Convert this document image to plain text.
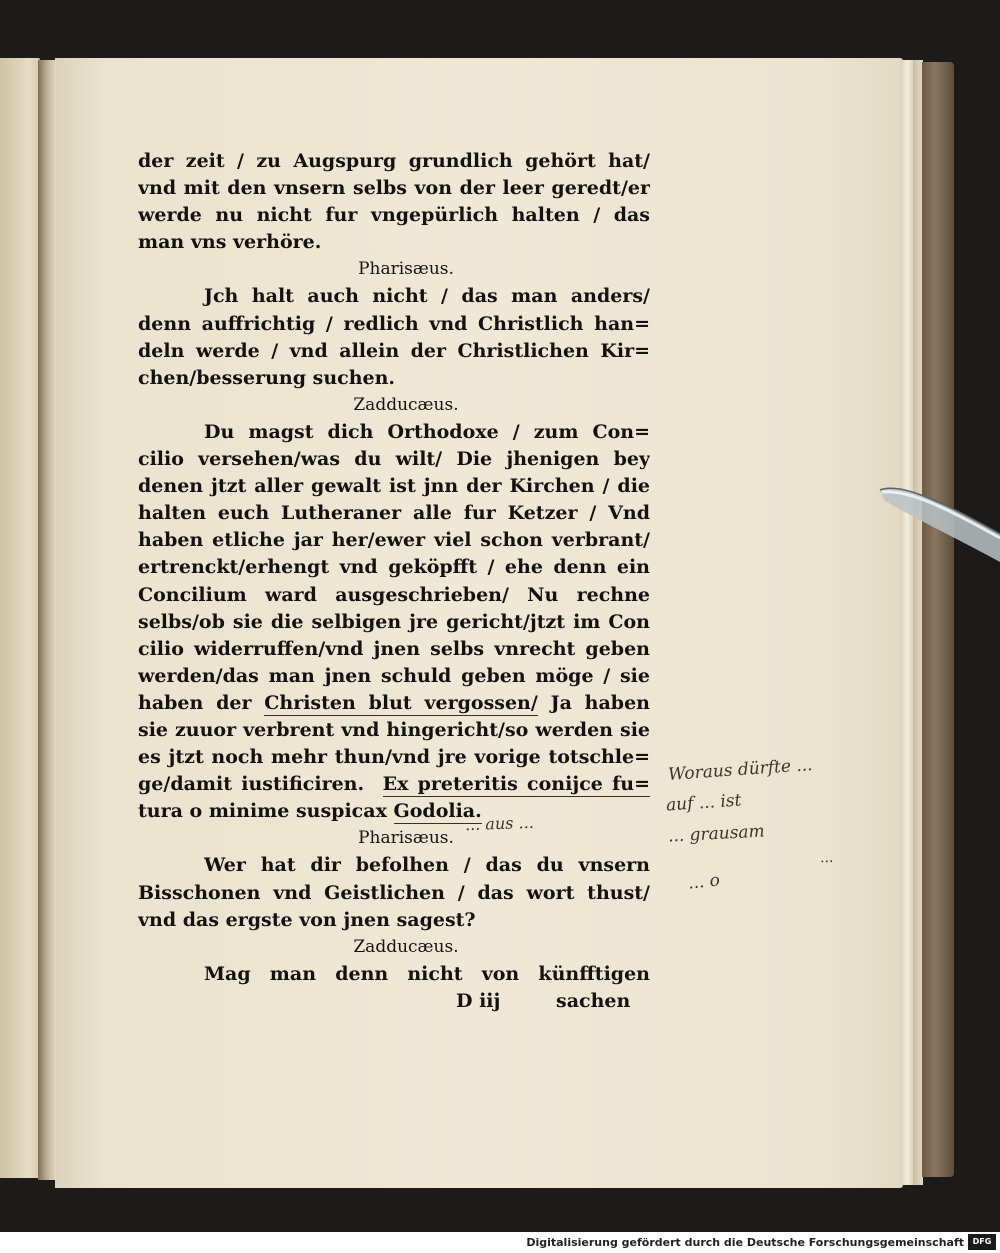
der zeit / zu Augspurg grundlich gehört hat/
vnd mit den vnsern selbs von der leer geredt/er
werde nu nicht fur vngepürlich halten / das
man vns verhöre.
Pharisæus.
Jch halt auch nicht / das man anders/
denn auffrichtig / redlich vnd Christlich han=
deln werde / vnd allein der Christlichen Kir=
chen/besserung suchen.
Zadducæus.
Du magst dich Orthodoxe / zum Con=
cilio versehen/was du wilt/ Die jhenigen bey
denen jtzt aller gewalt ist jnn der Kirchen / die
halten euch Lutheraner alle fur Ketzer / Vnd
haben etliche jar her/ewer viel schon verbrant/
ertrenckt/erhengt vnd geköpfft / ehe denn ein
Concilium ward ausgeschrieben/ Nu rechne
selbs/ob sie die selbigen jre gericht/jtzt im Con
cilio widerruffen/vnd jnen selbs vnrecht geben
werden/das man jnen schuld geben möge / sie
haben der Christen blut vergossen/ Ja haben
sie zuuor verbrent vnd hingericht/so werden sie
es jtzt noch mehr thun/vnd jre vorige totschle=
ge/damit iustificiren. Ex preteritis conijce fu=
tura o minime suspicax Godolia.
Pharisæus.
Wer hat dir befolhen / das du vnsern
Bisschonen vnd Geistlichen / das wort thust/
vnd das ergste von jnen sagest?
Zadducæus.
Mag man denn nicht von künfftigen
D iij	sachen
Woraus dürfte ...
auf ... ist
... grausam
...
... o
... aus ...
Digitalisierung gefördert durch die Deutsche Forschungsgemeinschaft	DFG
